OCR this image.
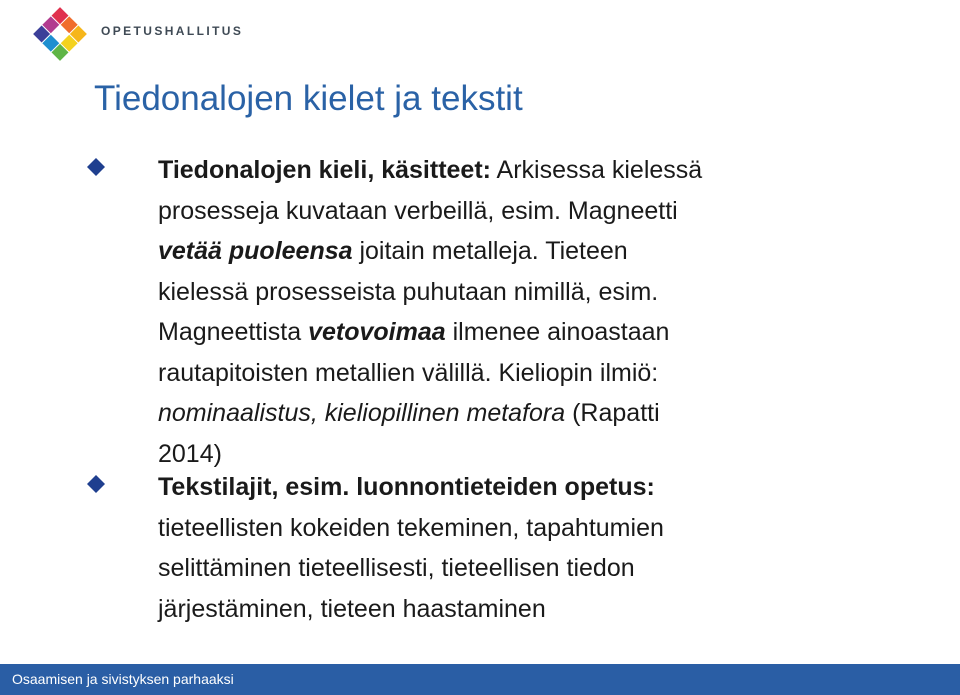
OPETUSHALLITUS
Tiedonalojen kielet ja tekstit
Tiedonalojen kieli, käsitteet: Arkisessa kielessä
prosesseja kuvataan verbeillä, esim. Magneetti
vetää puoleensa joitain metalleja. Tieteen
kielessä prosesseista puhutaan nimillä, esim.
Magneettista vetovoimaa ilmenee ainoastaan
rautapitoisten metallien välillä. Kieliopin ilmiö:
nominaalistus, kieliopillinen metafora (Rapatti
2014)
Tekstilajit, esim. luonnontieteiden opetus:
tieteellisten kokeiden tekeminen, tapahtumien
selittäminen tieteellisesti, tieteellisen tiedon
järjestäminen, tieteen haastaminen
Osaamisen ja sivistyksen parhaaksi
